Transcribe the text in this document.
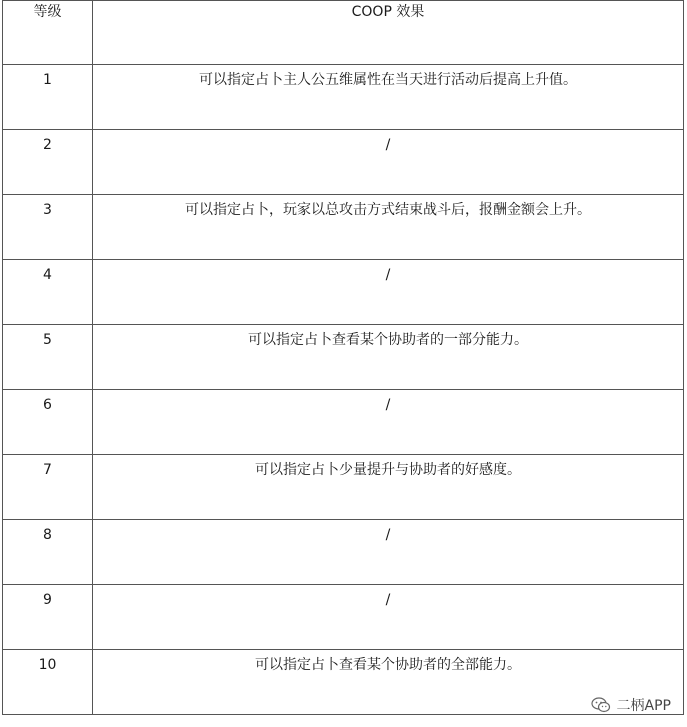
等级	COOP 效果
1	可以指定占卜主人公五维属性在当天进行活动后提高上升值。
2	/
3	可以指定占卜，玩家以总攻击方式结束战斗后，报酬金额会上升。
4	/
5	可以指定占卜查看某个协助者的一部分能力。
6	/
7	可以指定占卜少量提升与协助者的好感度。
8	/
9	/
10	可以指定占卜查看某个协助者的全部能力。
二柄APP
